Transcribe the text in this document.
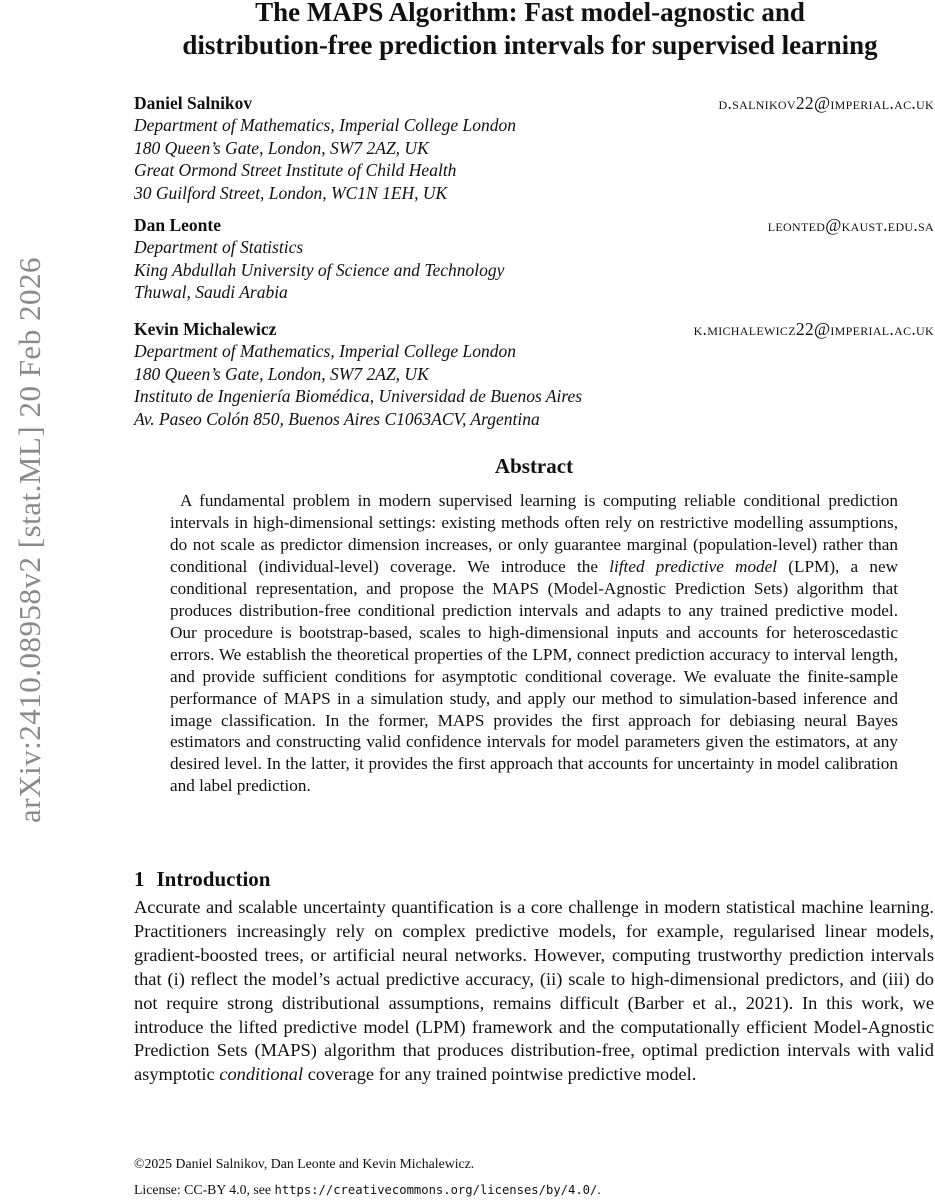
arXiv:2410.08958v2 [stat.ML] 20 Feb 2026
The MAPS Algorithm: Fast model-agnostic and
distribution-free prediction intervals for supervised learning
Daniel Salnikov	d.salnikov22@imperial.ac.uk
Department of Mathematics, Imperial College London
180 Queen’s Gate, London, SW7 2AZ, UK
Great Ormond Street Institute of Child Health
30 Guilford Street, London, WC1N 1EH, UK
Dan Leonte	leonted@kaust.edu.sa
Department of Statistics
King Abdullah University of Science and Technology
Thuwal, Saudi Arabia
Kevin Michalewicz	k.michalewicz22@imperial.ac.uk
Department of Mathematics, Imperial College London
180 Queen’s Gate, London, SW7 2AZ, UK
Instituto de Ingeniería Biomédica, Universidad de Buenos Aires
Av. Paseo Colón 850, Buenos Aires C1063ACV, Argentina
Abstract
A fundamental problem in modern supervised learning is computing reliable conditional prediction intervals in high-dimensional settings: existing methods often rely on restrictive modelling assumptions, do not scale as predictor dimension increases, or only guarantee marginal (population-level) rather than conditional (individual-level) coverage. We introduce the lifted predictive model (LPM), a new conditional representation, and propose the MAPS (Model-Agnostic Prediction Sets) algorithm that produces distribution-free conditional prediction intervals and adapts to any trained predictive model. Our procedure is bootstrap-based, scales to high-dimensional inputs and accounts for heteroscedastic errors. We establish the theoretical properties of the LPM, connect prediction accuracy to interval length, and provide sufficient conditions for asymptotic conditional coverage. We evaluate the finite-sample performance of MAPS in a simulation study, and apply our method to simulation-based inference and image classification. In the former, MAPS provides the first approach for debiasing neural Bayes estimators and constructing valid confidence intervals for model parameters given the estimators, at any desired level. In the latter, it provides the first approach that accounts for uncertainty in model calibration and label prediction.
1 Introduction
Accurate and scalable uncertainty quantification is a core challenge in modern statistical machine learning. Practitioners increasingly rely on complex predictive models, for example, regularised linear models, gradient-boosted trees, or artificial neural networks. However, computing trustworthy prediction intervals that (i) reflect the model’s actual predictive accuracy, (ii) scale to high-dimensional predictors, and (iii) do not require strong distributional assumptions, remains difficult (Barber et al., 2021). In this work, we introduce the lifted predictive model (LPM) framework and the computationally efficient Model-Agnostic Prediction Sets (MAPS) algorithm that produces distribution-free, optimal prediction intervals with valid asymptotic conditional coverage for any trained pointwise predictive model.
©2025 Daniel Salnikov, Dan Leonte and Kevin Michalewicz.
License: CC-BY 4.0, see https://creativecommons.org/licenses/by/4.0/.
